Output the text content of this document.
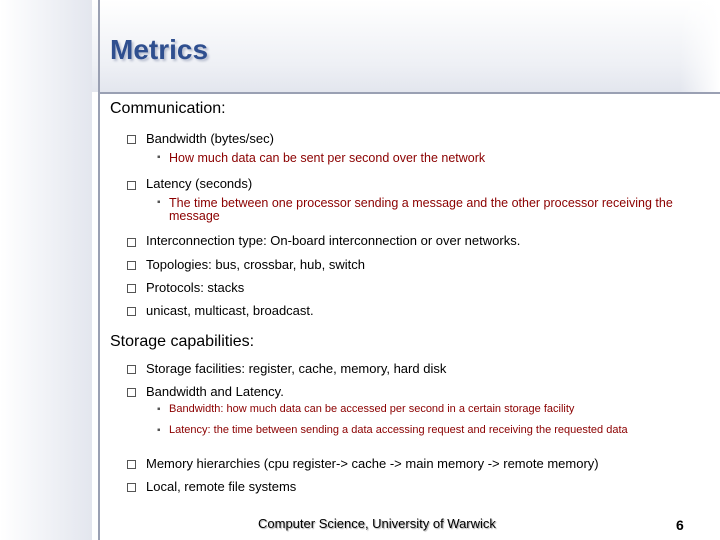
Metrics
Communication:
Bandwidth (bytes/sec)
▪ How much data can be sent per second over the network
Latency (seconds)
▪ The time between one processor sending a message and the other processor receiving the message
Interconnection type: On-board interconnection or over networks.
Topologies: bus, crossbar, hub, switch
Protocols: stacks
unicast, multicast, broadcast.
Storage capabilities:
Storage facilities: register, cache, memory, hard disk
Bandwidth and Latency.
▪ Bandwidth: how much data can be accessed per second in a certain storage facility
▪ Latency: the time between sending a data accessing request and receiving the requested data
Memory hierarchies (cpu register-> cache -> main memory -> remote memory)
Local, remote file systems
Computer Science, University of Warwick	6
